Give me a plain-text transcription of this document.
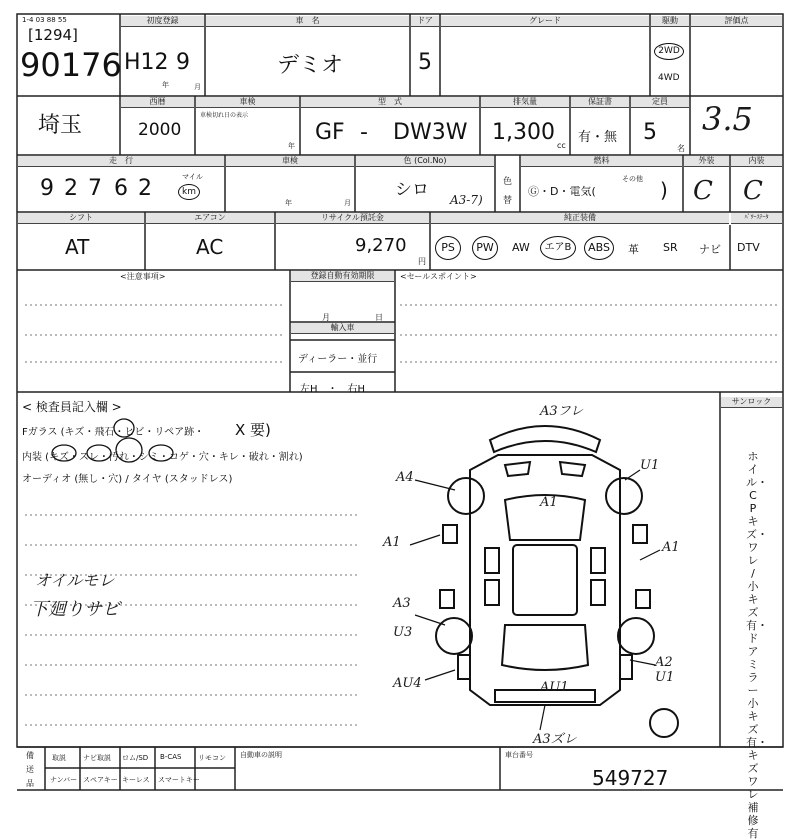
1-4 03 88 55
[1294]
90176
初度登録
H12 9
年	月
車　名
デミオ
ドア
5
グレード	駆動
2WD
4WD
評価点
3.5
埼玉
西暦
2000
車検
車検切れ日の表示
年
型　式
GF - DW3W
排気量
1,300
cc
保証書
有・無
定員
5
名
走　行
9 2 7 6 2	マイル
km
車検
年	月
色 (Col.No)
シロ A3-7)
色
替
燃料
Ⓖ・D・電気(
その他 )
外装
C
内装
C
シフト
AT
エアコン
AC
リサイクル預託金
9,270
円
純正装備	ﾊﾟﾜｰｽﾃｰﾀ
PS	PW	AW	エアB	ABS	革 SR ナビ DTV
<注意事項>	登録自動有効期限
月	日
輸入車
ディーラー・並行
左H　・　右H
<セールスポイント>
< 検査員記入欄 >
Fガラス (キズ・飛石・ヒビ・リペア跡・ X 要)
内装 (キズ・スレ・汚れ・シミ・コゲ・穴・キレ・破れ・割れ)
オーディオ (無し・穴) / タイヤ (スタッドレス)
オイルモレ
下廻りサビ
サンロック
ホイル・CP キズ・ワレ / 小キズ有・ドアミラー小キズ有・キズ ワレ 補修有
A3フレ
A4
U1
A1
A1	A1
A3
U3
AU4
A2 U1
AU1
A3ズレ
備
送
品
取説 ナビ取説 ロム/SD B-CAS リモコン
ナンバー スペアキー キーレス スマートキー
自動車の説明	車台番号
549727
